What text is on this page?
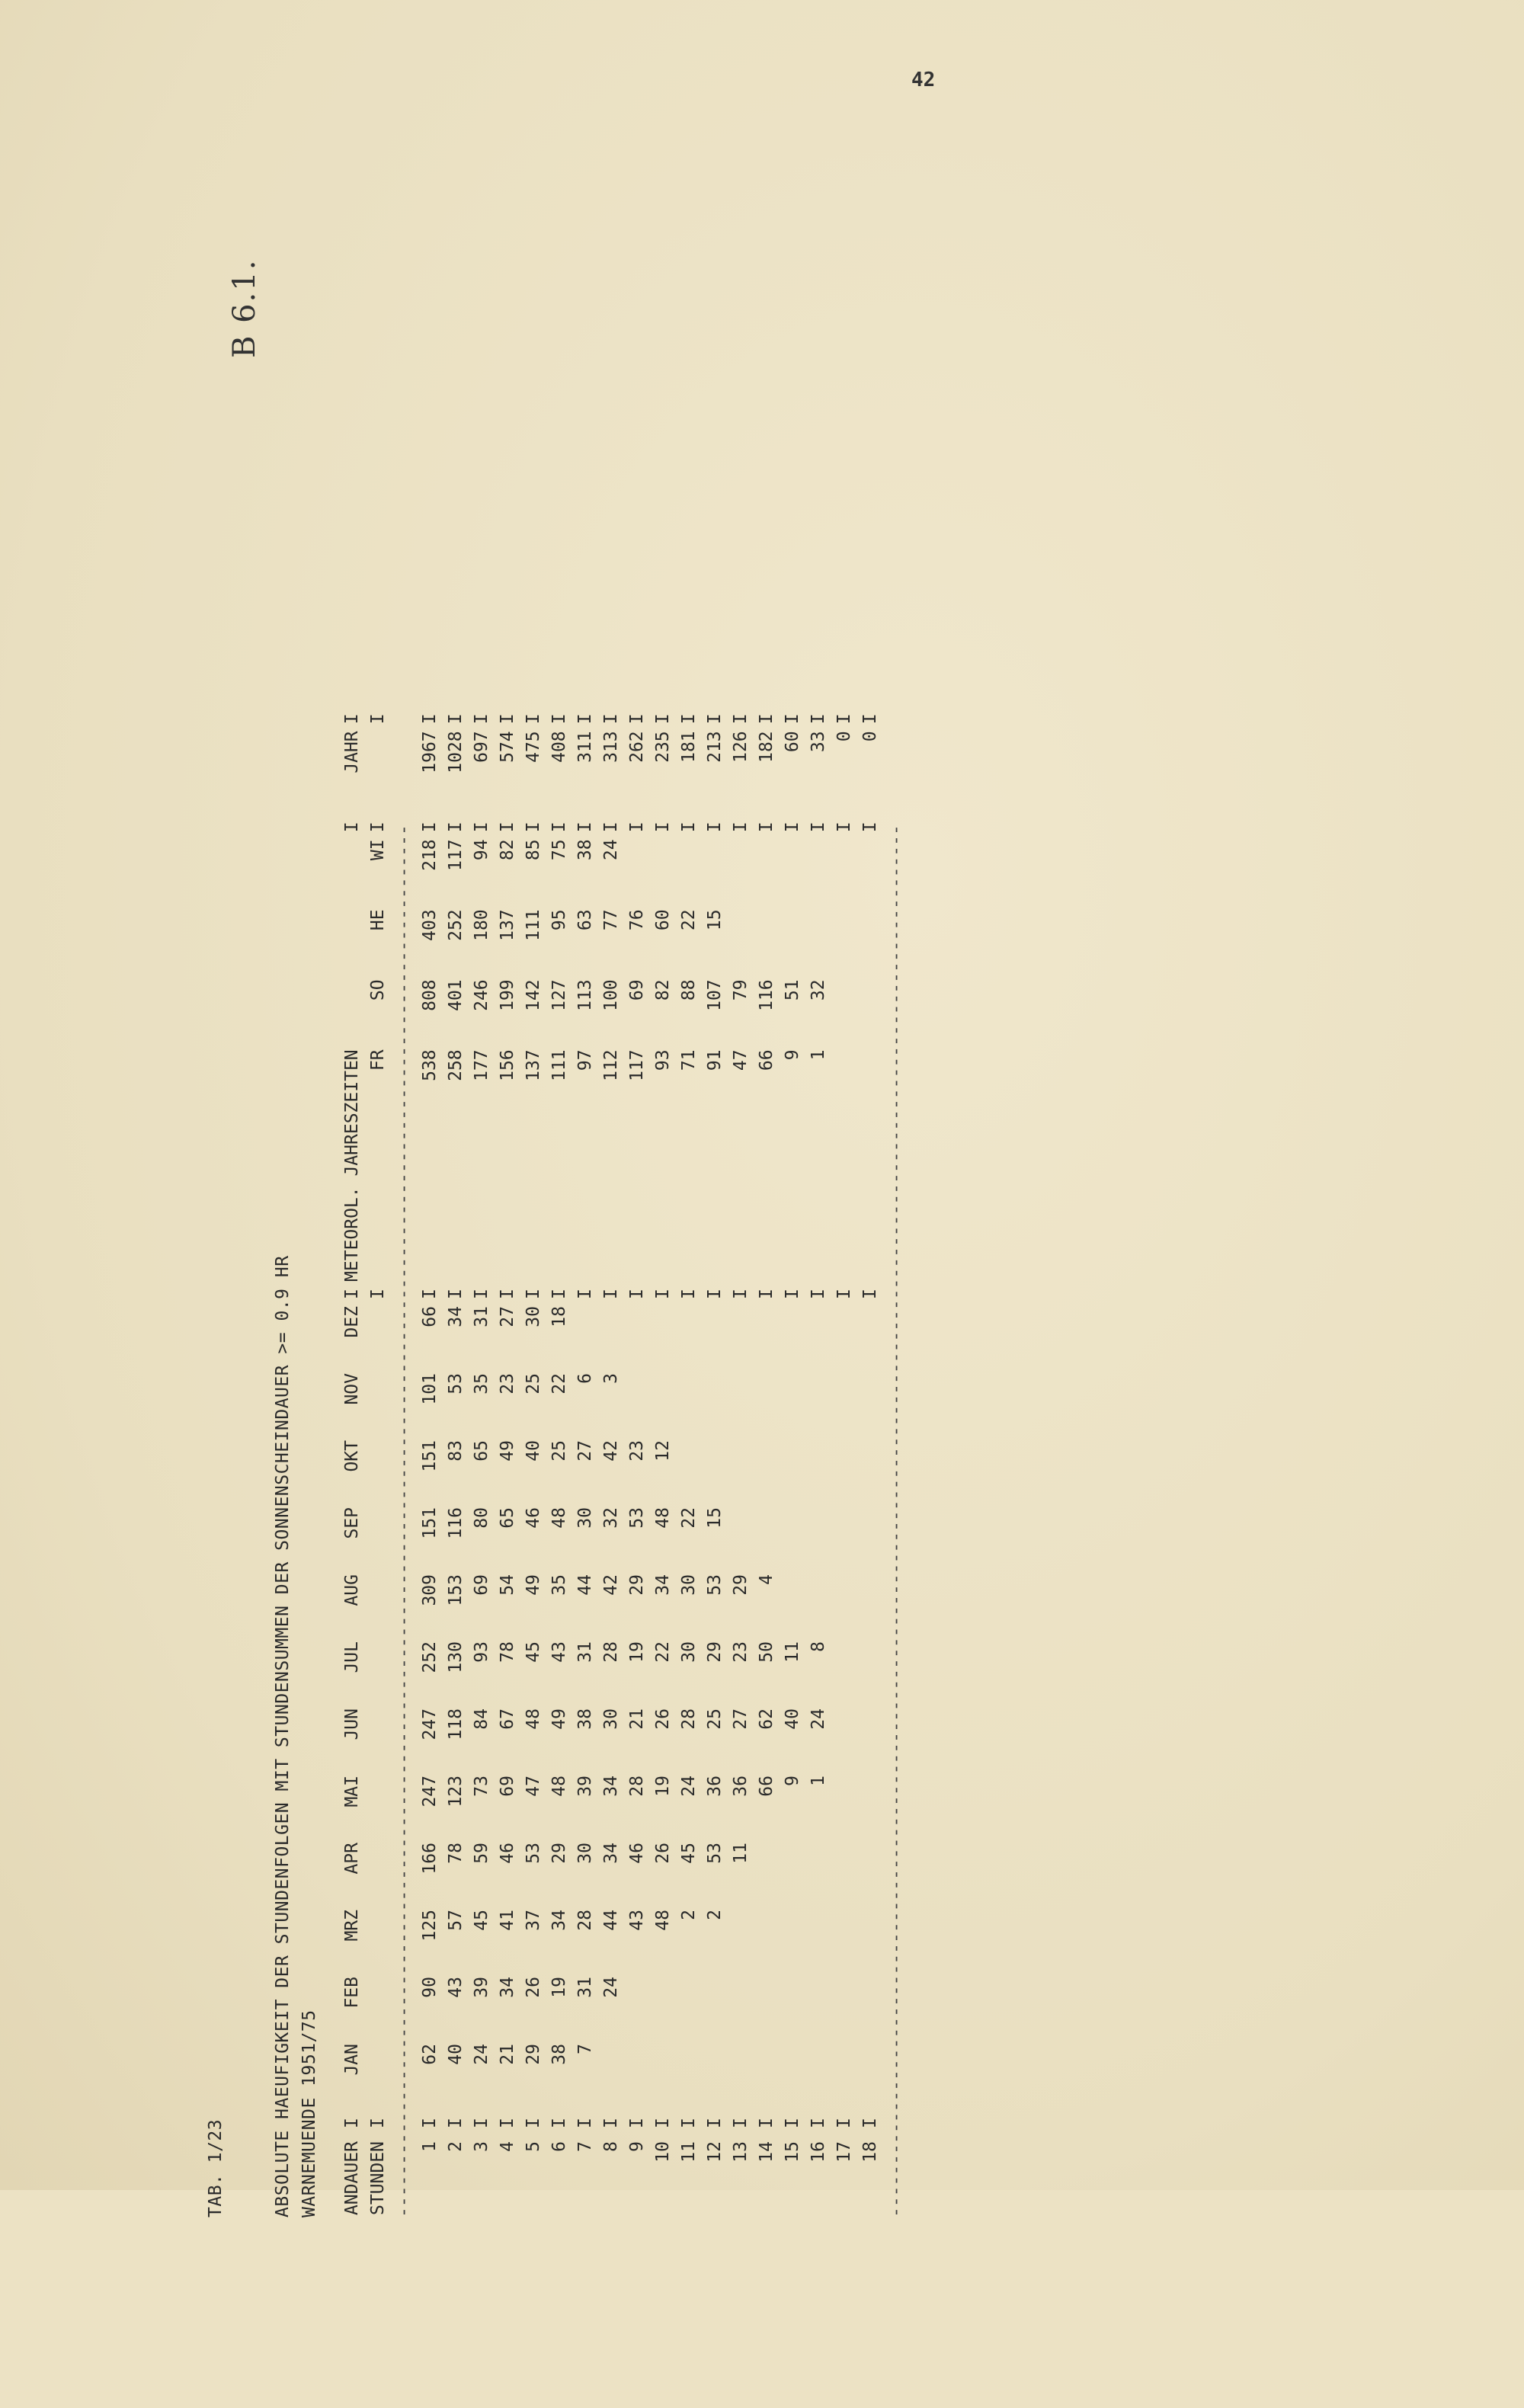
42
B 6.1.
TAB. 1/23	ABSOLUTE HAEUFIGKEIT DER STUNDENFOLGEN MIT STUNDENSUMMEN DER SONNENSCHEINDAUER >= 0.9 HR WARNEMUENDE 1951/75 ANDAUER	I	JAN	FEB	MRZ	APR	MAI	JUN	JUL	AUG	SEP	OKT	NOV	DEZ	I	METEOROL. JAHRESZEITEN				I	JAHR	I
STUNDEN	I													I	FR	SO	HE	WI	I		I
------------------------------------------------------------------------------------------------------------------------------------																					
1	I	62	90	125	166	247	247	252	309	151	151	101	66	I	538	808	403	218	I	1967	I
2	I	40	43	57	78	123	118	130	153	116	83	53	34	I	258	401	252	117	I	1028	I
3	I	24	39	45	59	73	84	93	69	80	65	35	31	I	177	246	180	94	I	697	I
4	I	21	34	41	46	69	67	78	54	65	49	23	27	I	156	199	137	82	I	574	I
5	I	29	26	37	53	47	48	45	49	46	40	25	30	I	137	142	111	85	I	475	I
6	I	38	19	34	29	48	49	43	35	48	25	22	18	I	111	127	95	75	I	408	I
7	I	7	31	28	30	39	38	31	44	30	27	6		I	97	113	63	38	I	311	I
8	I		24	44	34	34	30	28	42	32	42	3		I	112	100	77	24	I	313	I
9	I			43	46	28	21	19	29	53	23			I	117	69	76		I	262	I
10	I			48	26	19	26	22	34	48	12			I	93	82	60		I	235	I
11	I			2	45	24	28	30	30	22				I	71	88	22		I	181	I
12	I			2	53	36	25	29	53	15				I	91	107	15		I	213	I
13	I				11	36	27	23	29					I	47	79			I	126	I
14	I					66	62	50	4					I	66	116			I	182	I
15	I					9	40	11						I	9	51			I	60	I
16	I					1	24	8						I	1	32			I	33	I
17	I													I					I	0	I
18	I													I					I	0	I
------------------------------------------------------------------------------------------------------------------------------------																					
